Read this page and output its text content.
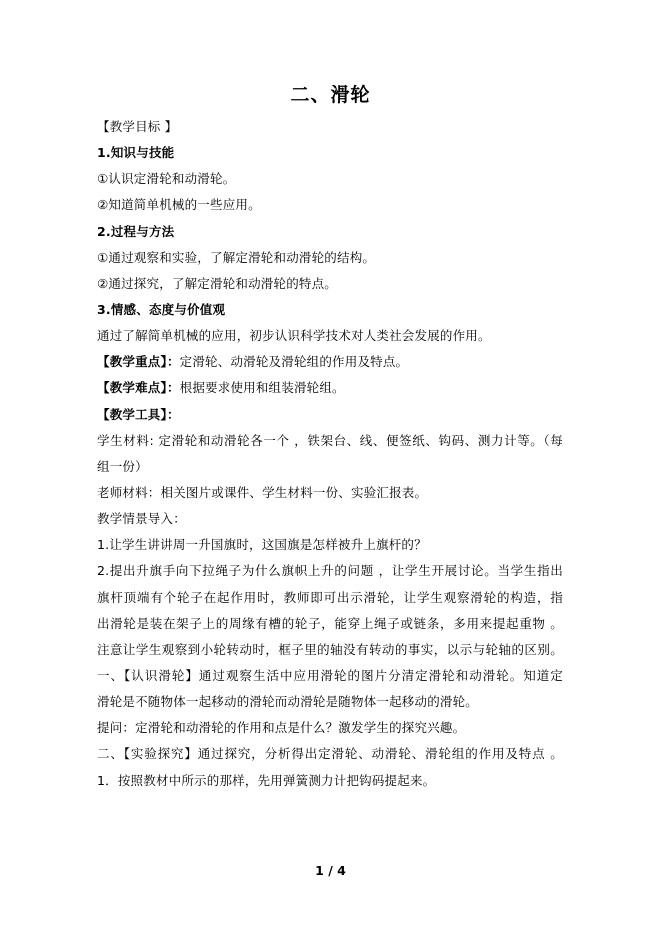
二、滑轮
【教学目标 】
1.知识与技能
①认识定滑轮和动滑轮。
②知道简单机械的一些应用。
2.过程与方法
①通过观察和实验，了解定滑轮和动滑轮的结构。
②通过探究，了解定滑轮和动滑轮的特点。
3.情感、态度与价值观
通过了解简单机械的应用，初步认识科学技术对人类社会发展的作用。
【教学重点】：定滑轮、动滑轮及滑轮组的作用及特点。
【教学难点】：根据要求使用和组装滑轮组。
【教学工具】：
学生材料: 定滑轮和动滑轮各一个 ，铁架台、线、便签纸、钩码、测力计等。（每
组一份）
老师材料：相关图片或课件、学生材料一份、实验汇报表。
教学情景导入：
1.让学生讲讲周一升国旗时，这国旗是怎样被升上旗杆的？
2.提出升旗手向下拉绳子为什么旗帜上升的问题 ，让学生开展讨论。当学生指出
旗杆顶端有个轮子在起作用时，教师即可出示滑轮，让学生观察滑轮的构造，指
出滑轮是装在架子上的周缘有槽的轮子，能穿上绳子或链条，多用来提起重物 。
注意让学生观察到小轮转动时，框子里的轴没有转动的事实，以示与轮轴的区别。
一、【认识滑轮】通过观察生活中应用滑轮的图片分清定滑轮和动滑轮。知道定
滑轮是不随物体一起移动的滑轮而动滑轮是随物体一起移动的滑轮。
提问：定滑轮和动滑轮的作用和点是什么？激发学生的探究兴趣。
二、【实验探究】通过探究，分析得出定滑轮、动滑轮、滑轮组的作用及特点 。
1．按照教材中所示的那样，先用弹簧测力计把钩码提起来。
1 / 4
